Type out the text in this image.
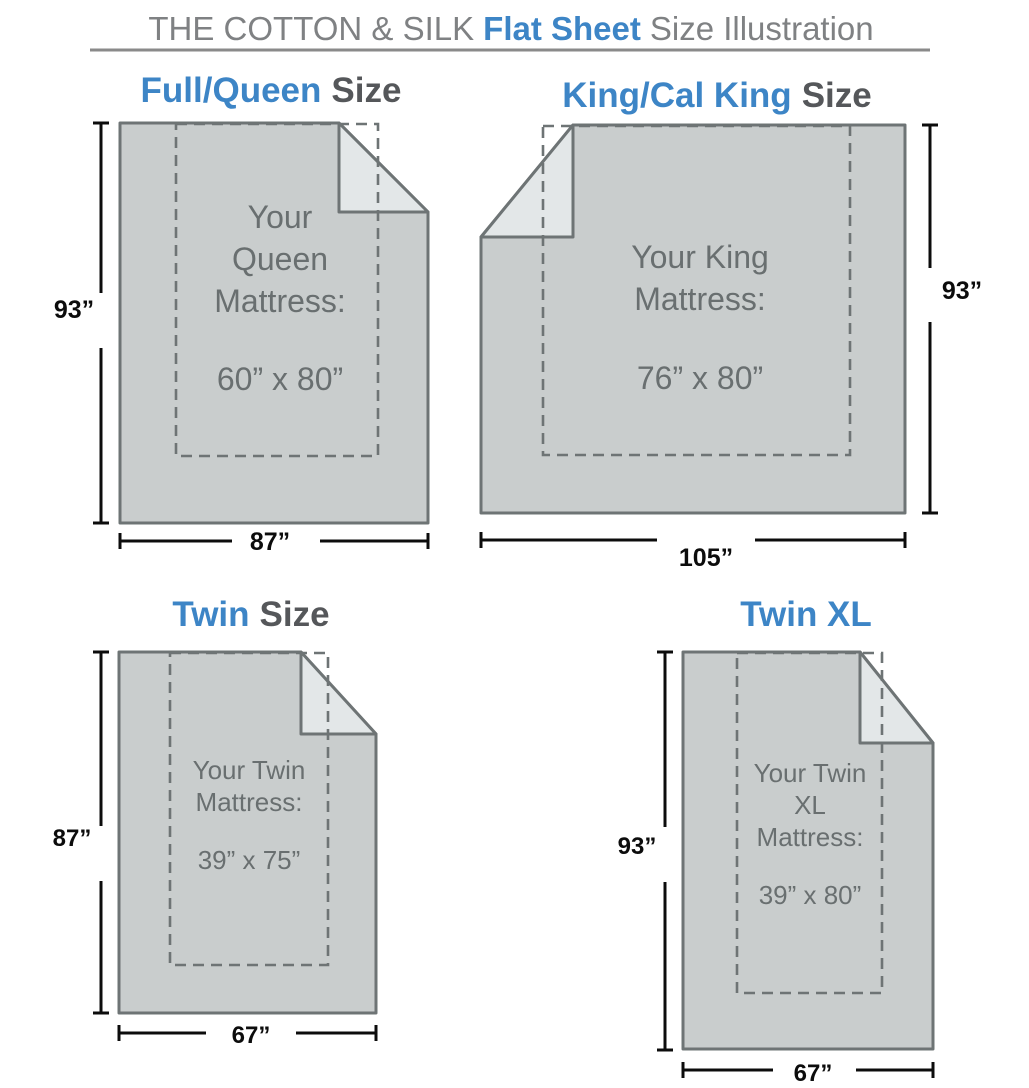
THE COTTON & SILK Flat Sheet Size Illustration
Full/Queen Size
Your
Queen
Mattress:
60” x 80”
93”
87”
King/Cal King Size
Your King
Mattress:
76” x 80”
93”
105”
Twin Size
Your Twin
Mattress:
39” x 75”
87”
67”
Twin XL
Your Twin
XL
Mattress:
39” x 80”
93”
67”
